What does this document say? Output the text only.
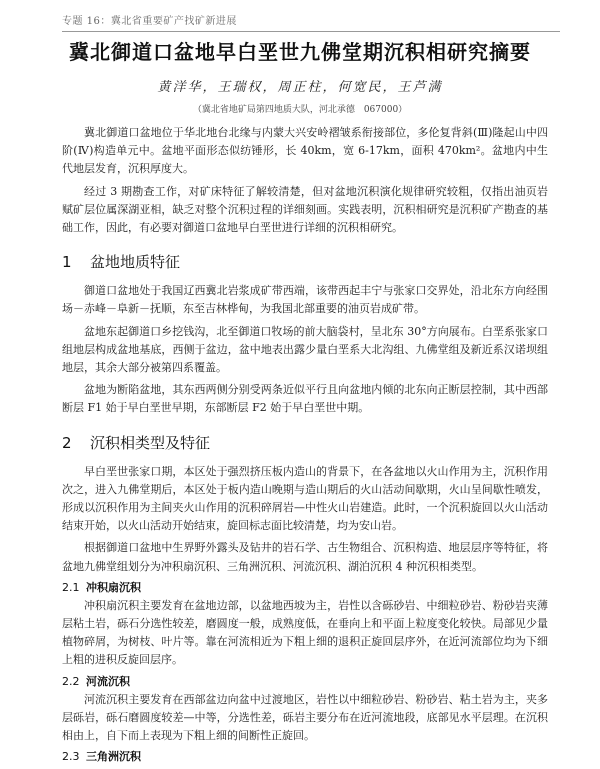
专题 16：冀北省重要矿产找矿新进展
冀北御道口盆地早白垩世九佛堂期沉积相研究摘要
黄洋华，王瑞权，周正柱，何宽民，王芦满
（冀北省地矿局第四地质大队，河北承德　067000）

冀北御道口盆地位于华北地台北缘与内蒙大兴安岭褶皱系衔接部位，多伦复背斜(Ⅲ)隆起山中四阶(Ⅳ)构造单元中。盆地平面形态似纺锤形，长 40km，宽 6-17km，面积 470km²。盆地内中生代地层发育，沉积厚度大。

经过 3 期勘查工作，对矿床特征了解较清楚，但对盆地沉积演化规律研究较粗，仅指出油页岩赋矿层位属深湖亚相，缺乏对整个沉积过程的详细刻画。实践表明，沉积相研究是沉积矿产勘查的基础工作，因此，有必要对御道口盆地早白垩世进行详细的沉积相研究。

1 盆地地质特征

御道口盆地处于我国辽西冀北岩浆成矿带西端，该带西起丰宁与张家口交界处，沿北东方向经围场－赤峰－阜新－抚顺，东至吉林桦甸，为我国北部重要的油页岩成矿带。

盆地东起御道口乡挖钱沟，北至御道口牧场的前大脑袋村，呈北东 30°方向展布。白垩系张家口组地层构成盆地基底，西侧于盆边，盆中地表出露少量白垩系大北沟组、九佛堂组及新近系汉诺坝组地层，其余大部分被第四系覆盖。

盆地为断陷盆地，其东西两侧分别受两条近似平行且向盆地内倾的北东向正断层控制，其中西部断层 F1 始于早白垩世早期，东部断层 F2 始于早白垩世中期。

2 沉积相类型及特征

早白垩世张家口期，本区处于强烈挤压板内造山的背景下，在各盆地以火山作用为主，沉积作用次之，进入九佛堂期后，本区处于板内造山晚期与造山期后的火山活动间歇期，火山呈间歇性喷发，形成以沉积作用为主间夹火山作用的沉积碎屑岩—中性火山岩建造。此时，一个沉积旋回以火山活动结束开始，以火山活动开始结束，旋回标志面比较清楚，均为安山岩。

根据御道口盆地中生界野外露头及钻井的岩石学、古生物组合、沉积构造、地层层序等特征，将盆地九佛堂组划分为冲积扇沉积、三角洲沉积、河流沉积、湖泊沉积 4 种沉积相类型。

2.1 冲积扇沉积

冲积扇沉积主要发育在盆地边部，以盆地西坡为主，岩性以含砾砂岩、中细粒砂岩、粉砂岩夹薄层粘土岩，砾石分选性较差，磨圆度一般，成熟度低，在垂向上和平面上粒度变化较快。局部见少量植物碎屑，为树枝、叶片等。靠在河流相近为下粗上细的退积正旋回层序外，在近河流部位均为下细上粗的进积反旋回层序。

2.2 河流沉积

河流沉积主要发育在西部盆边向盆中过渡地区，岩性以中细粒砂岩、粉砂岩、粘土岩为主，夹多层砾岩，砾石磨圆度较差—中等，分选性差，砾岩主要分布在近河流地段，底部见水平层理。在沉积相由上，自下而上表现为下粗上细的间断性正旋回。

2.3 三角洲沉积
